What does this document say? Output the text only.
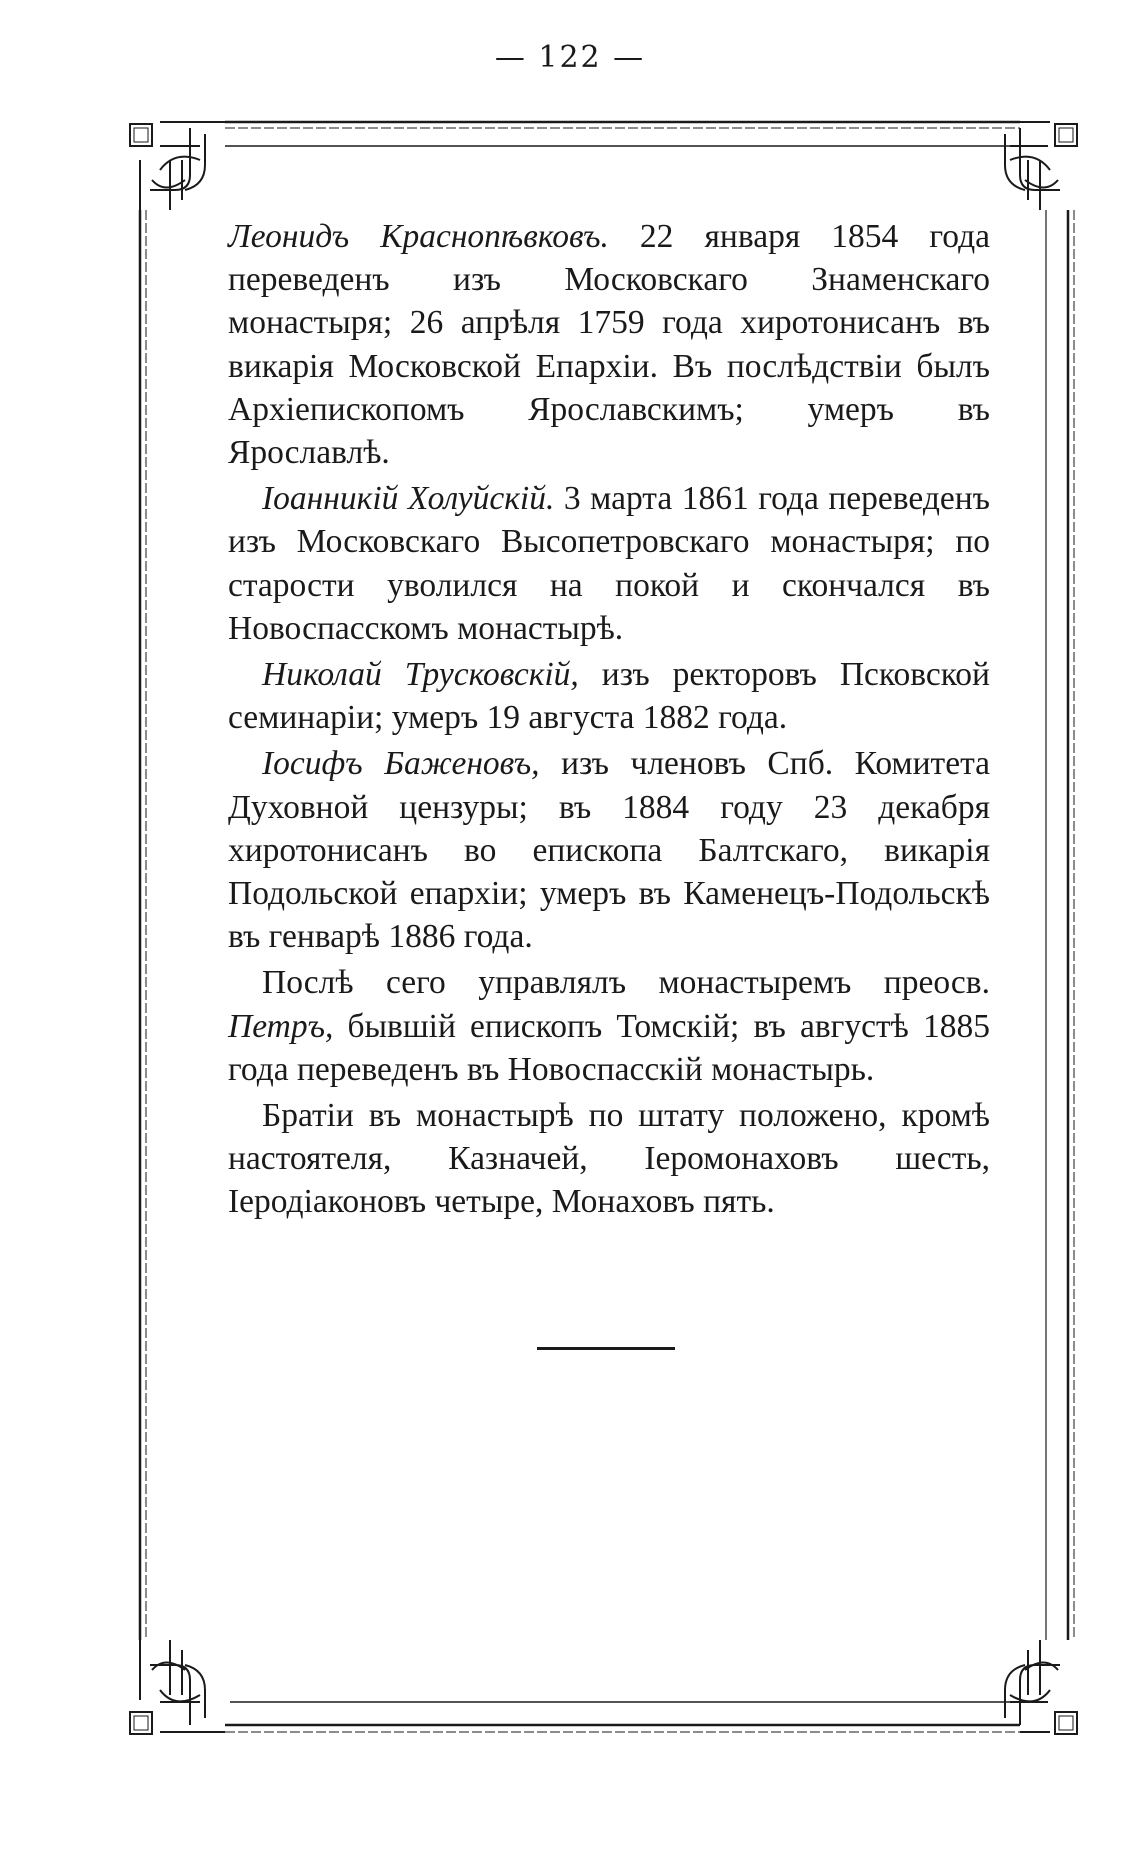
— 122 —

Леонидъ Краснопѣвковъ. 22 января 1854 года переведенъ изъ Московскаго Знаменскаго монастыря; 26 апрѣля 1759 года хиротонисанъ въ викарія Московской Епархіи. Въ послѣдствіи былъ Архіепископомъ Ярославскимъ; умеръ въ Ярославлѣ.

Іоанникій Холуйскій. 3 марта 1861 года переведенъ изъ Московскаго Высопетровскаго монастыря; по старости уволился на покой и скончался въ Новоспасскомъ монастырѣ.

Николай Трусковскій, изъ ректоровъ Псковской семинаріи; умеръ 19 августа 1882 года.

Іосифъ Баженовъ, изъ членовъ Спб. Комитета Духовной цензуры; въ 1884 году 23 декабря хиротонисанъ во епископа Балтскаго, викарія Подольской епархіи; умеръ въ Каменецъ-Подольскѣ въ генварѣ 1886 года.

Послѣ сего управлялъ монастыремъ преосв. Петръ, бывшій епископъ Томскій; въ августѣ 1885 года переведенъ въ Новоспасскій монастырь.

Братіи въ монастырѣ по штату положено, кромѣ настоятеля, Казначей, Іеромонаховъ шесть, Іеродіаконовъ четыре, Монаховъ пять.
